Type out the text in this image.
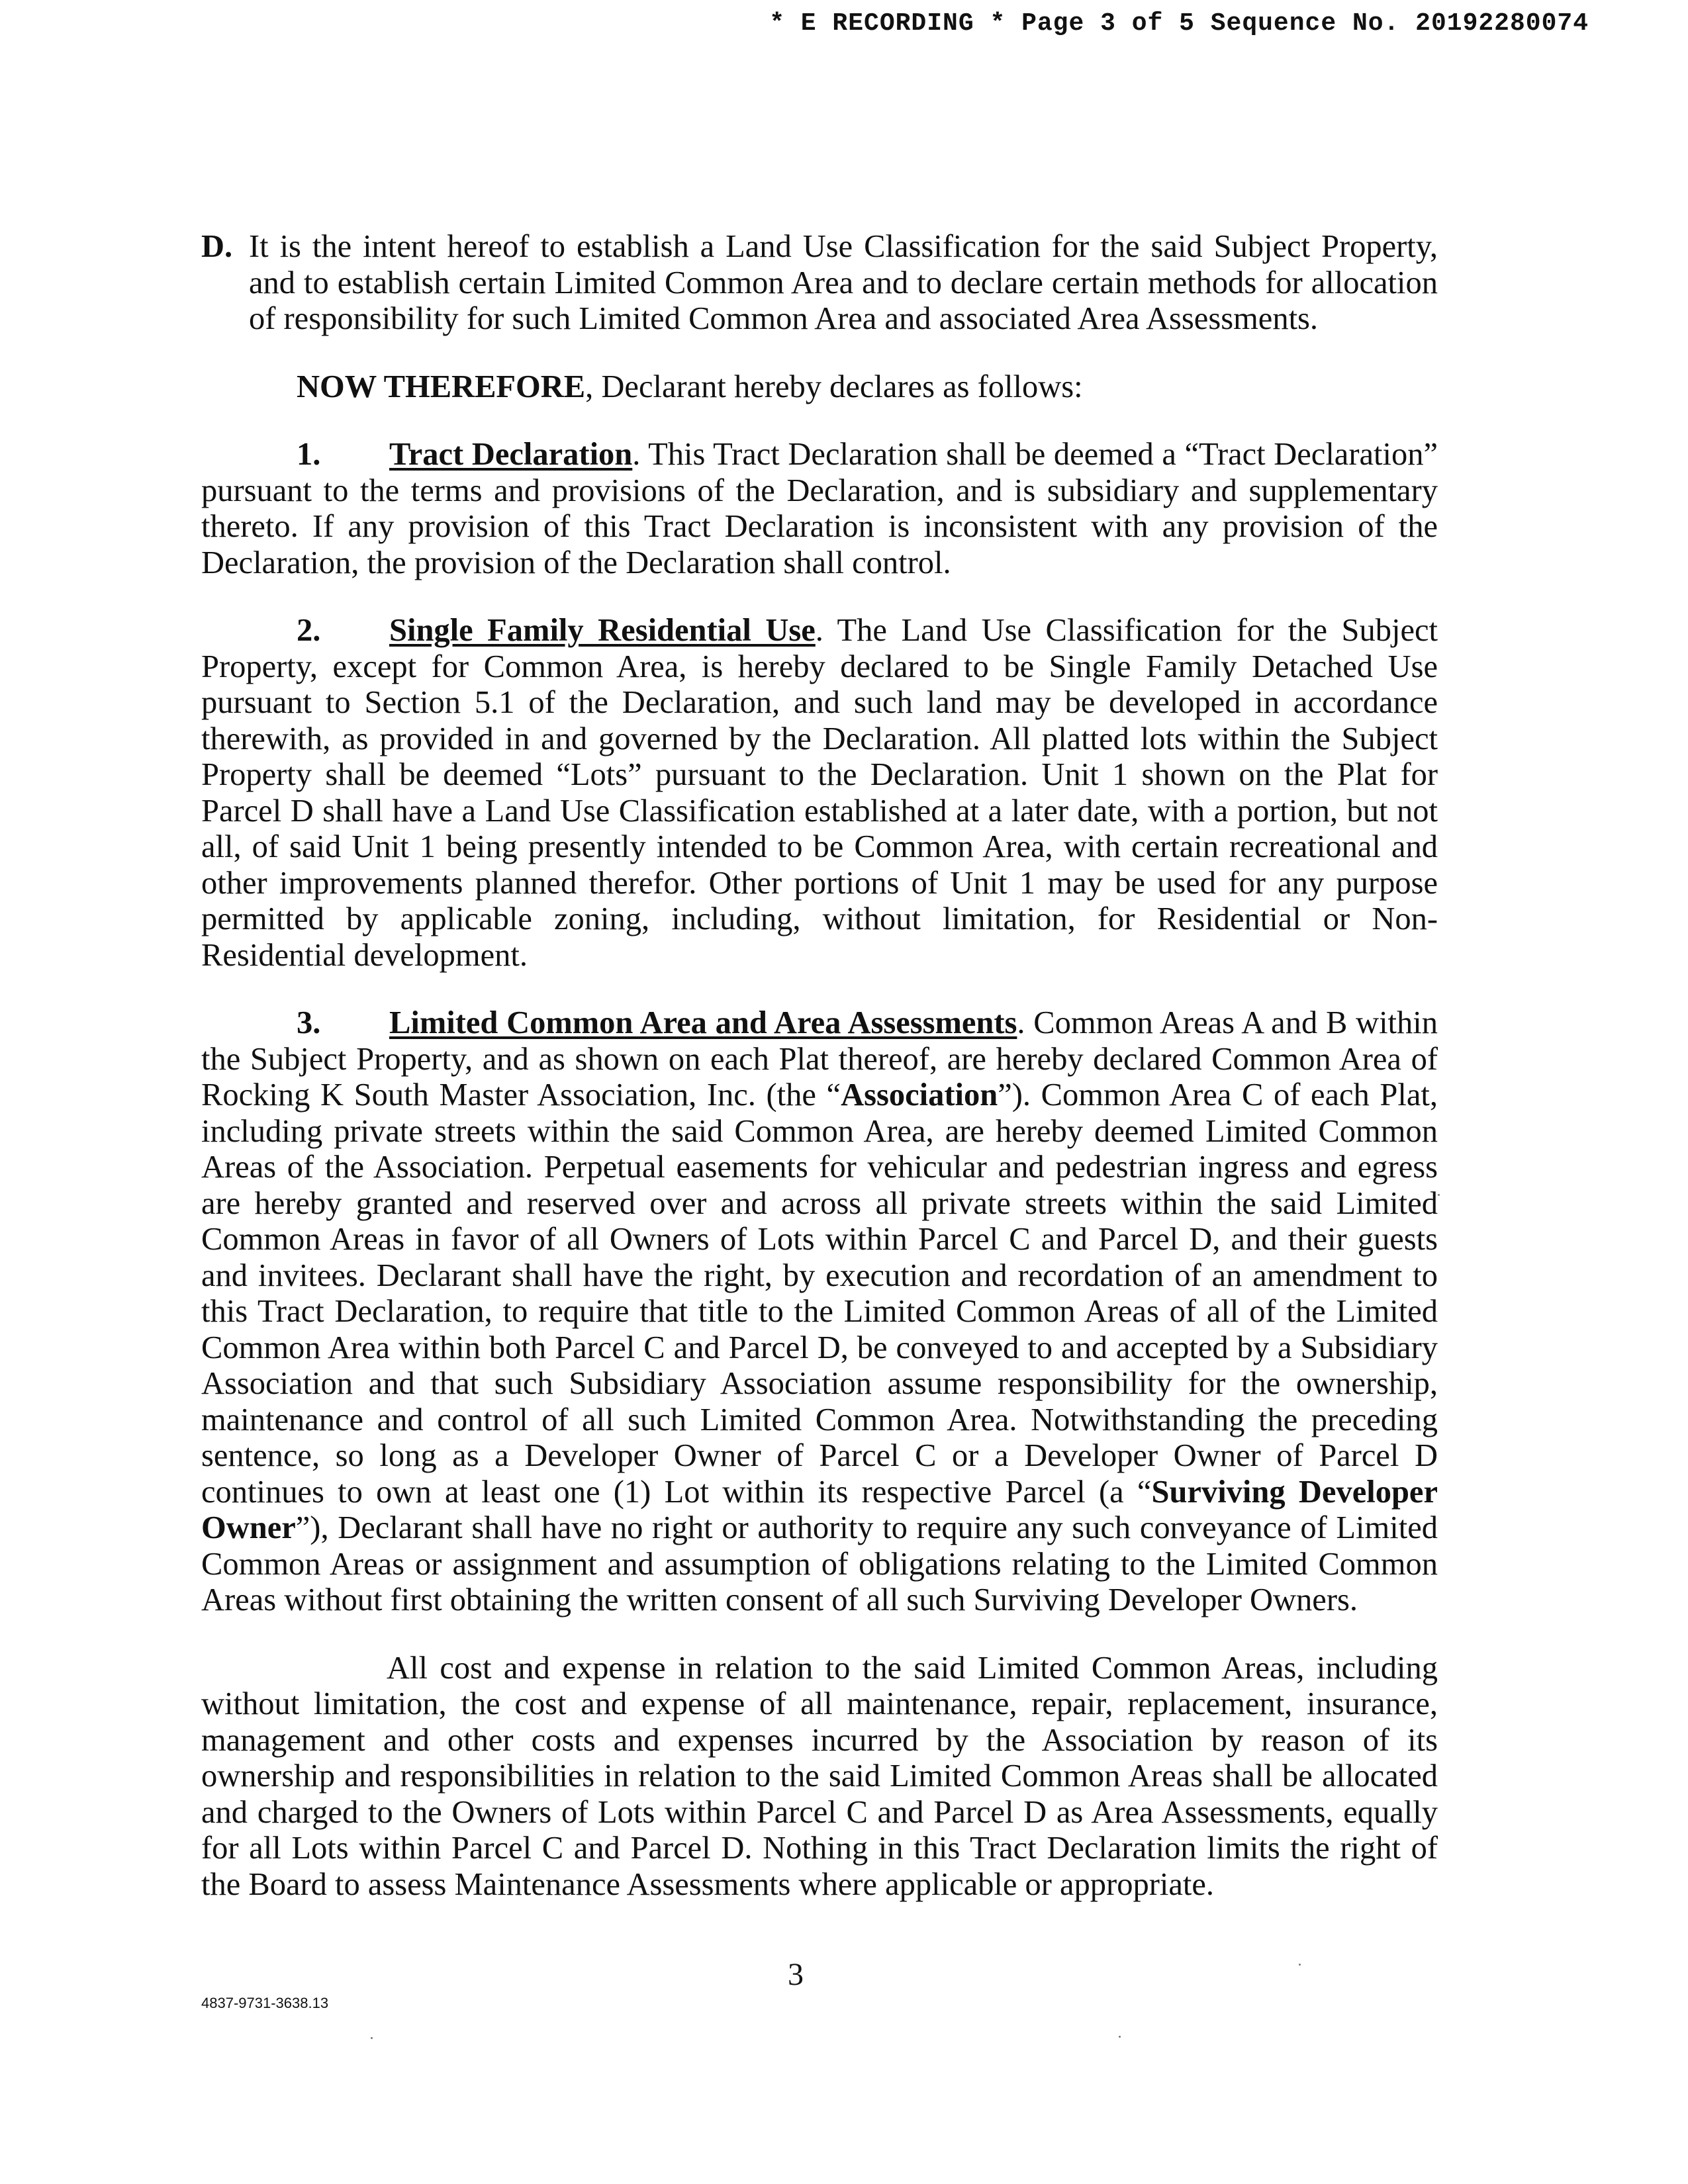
* E RECORDING * Page 3 of 5 Sequence No. 20192280074

D. It is the intent hereof to establish a Land Use Classification for the said Subject Property, and to establish certain Limited Common Area and to declare certain methods for allocation of responsibility for such Limited Common Area and associated Area Assessments.

NOW THEREFORE, Declarant hereby declares as follows:

1. Tract Declaration. This Tract Declaration shall be deemed a “Tract Declaration” pursuant to the terms and provisions of the Declaration, and is subsidiary and supplementary thereto. If any provision of this Tract Declaration is inconsistent with any provision of the Declaration, the provision of the Declaration shall control.

2. Single Family Residential Use. The Land Use Classification for the Subject Property, except for Common Area, is hereby declared to be Single Family Detached Use pursuant to Section 5.1 of the Declaration, and such land may be developed in accordance therewith, as provided in and governed by the Declaration. All platted lots within the Subject Property shall be deemed “Lots” pursuant to the Declaration. Unit 1 shown on the Plat for Parcel D shall have a Land Use Classification established at a later date, with a portion, but not all, of said Unit 1 being presently intended to be Common Area, with certain recreational and other improvements planned therefor. Other portions of Unit 1 may be used for any purpose permitted by applicable zoning, including, without limitation, for Residential or Non-Residential development.

3. Limited Common Area and Area Assessments. Common Areas A and B within the Subject Property, and as shown on each Plat thereof, are hereby declared Common Area of Rocking K South Master Association, Inc. (the “Association”). Common Area C of each Plat, including private streets within the said Common Area, are hereby deemed Limited Common Areas of the Association. Perpetual easements for vehicular and pedestrian ingress and egress are hereby granted and reserved over and across all private streets within the said Limited Common Areas in favor of all Owners of Lots within Parcel C and Parcel D, and their guests and invitees. Declarant shall have the right, by execution and recordation of an amendment to this Tract Declaration, to require that title to the Limited Common Areas of all of the Limited Common Area within both Parcel C and Parcel D, be conveyed to and accepted by a Subsidiary Association and that such Subsidiary Association assume responsibility for the ownership, maintenance and control of all such Limited Common Area. Notwithstanding the preceding sentence, so long as a Developer Owner of Parcel C or a Developer Owner of Parcel D continues to own at least one (1) Lot within its respective Parcel (a “Surviving Developer Owner”), Declarant shall have no right or authority to require any such conveyance of Limited Common Areas or assignment and assumption of obligations relating to the Limited Common Areas without first obtaining the written consent of all such Surviving Developer Owners.

All cost and expense in relation to the said Limited Common Areas, including without limitation, the cost and expense of all maintenance, repair, replacement, insurance, management and other costs and expenses incurred by the Association by reason of its ownership and responsibilities in relation to the said Limited Common Areas shall be allocated and charged to the Owners of Lots within Parcel C and Parcel D as Area Assessments, equally for all Lots within Parcel C and Parcel D. Nothing in this Tract Declaration limits the right of the Board to assess Maintenance Assessments where applicable or appropriate.

3
4837-9731-3638.13
